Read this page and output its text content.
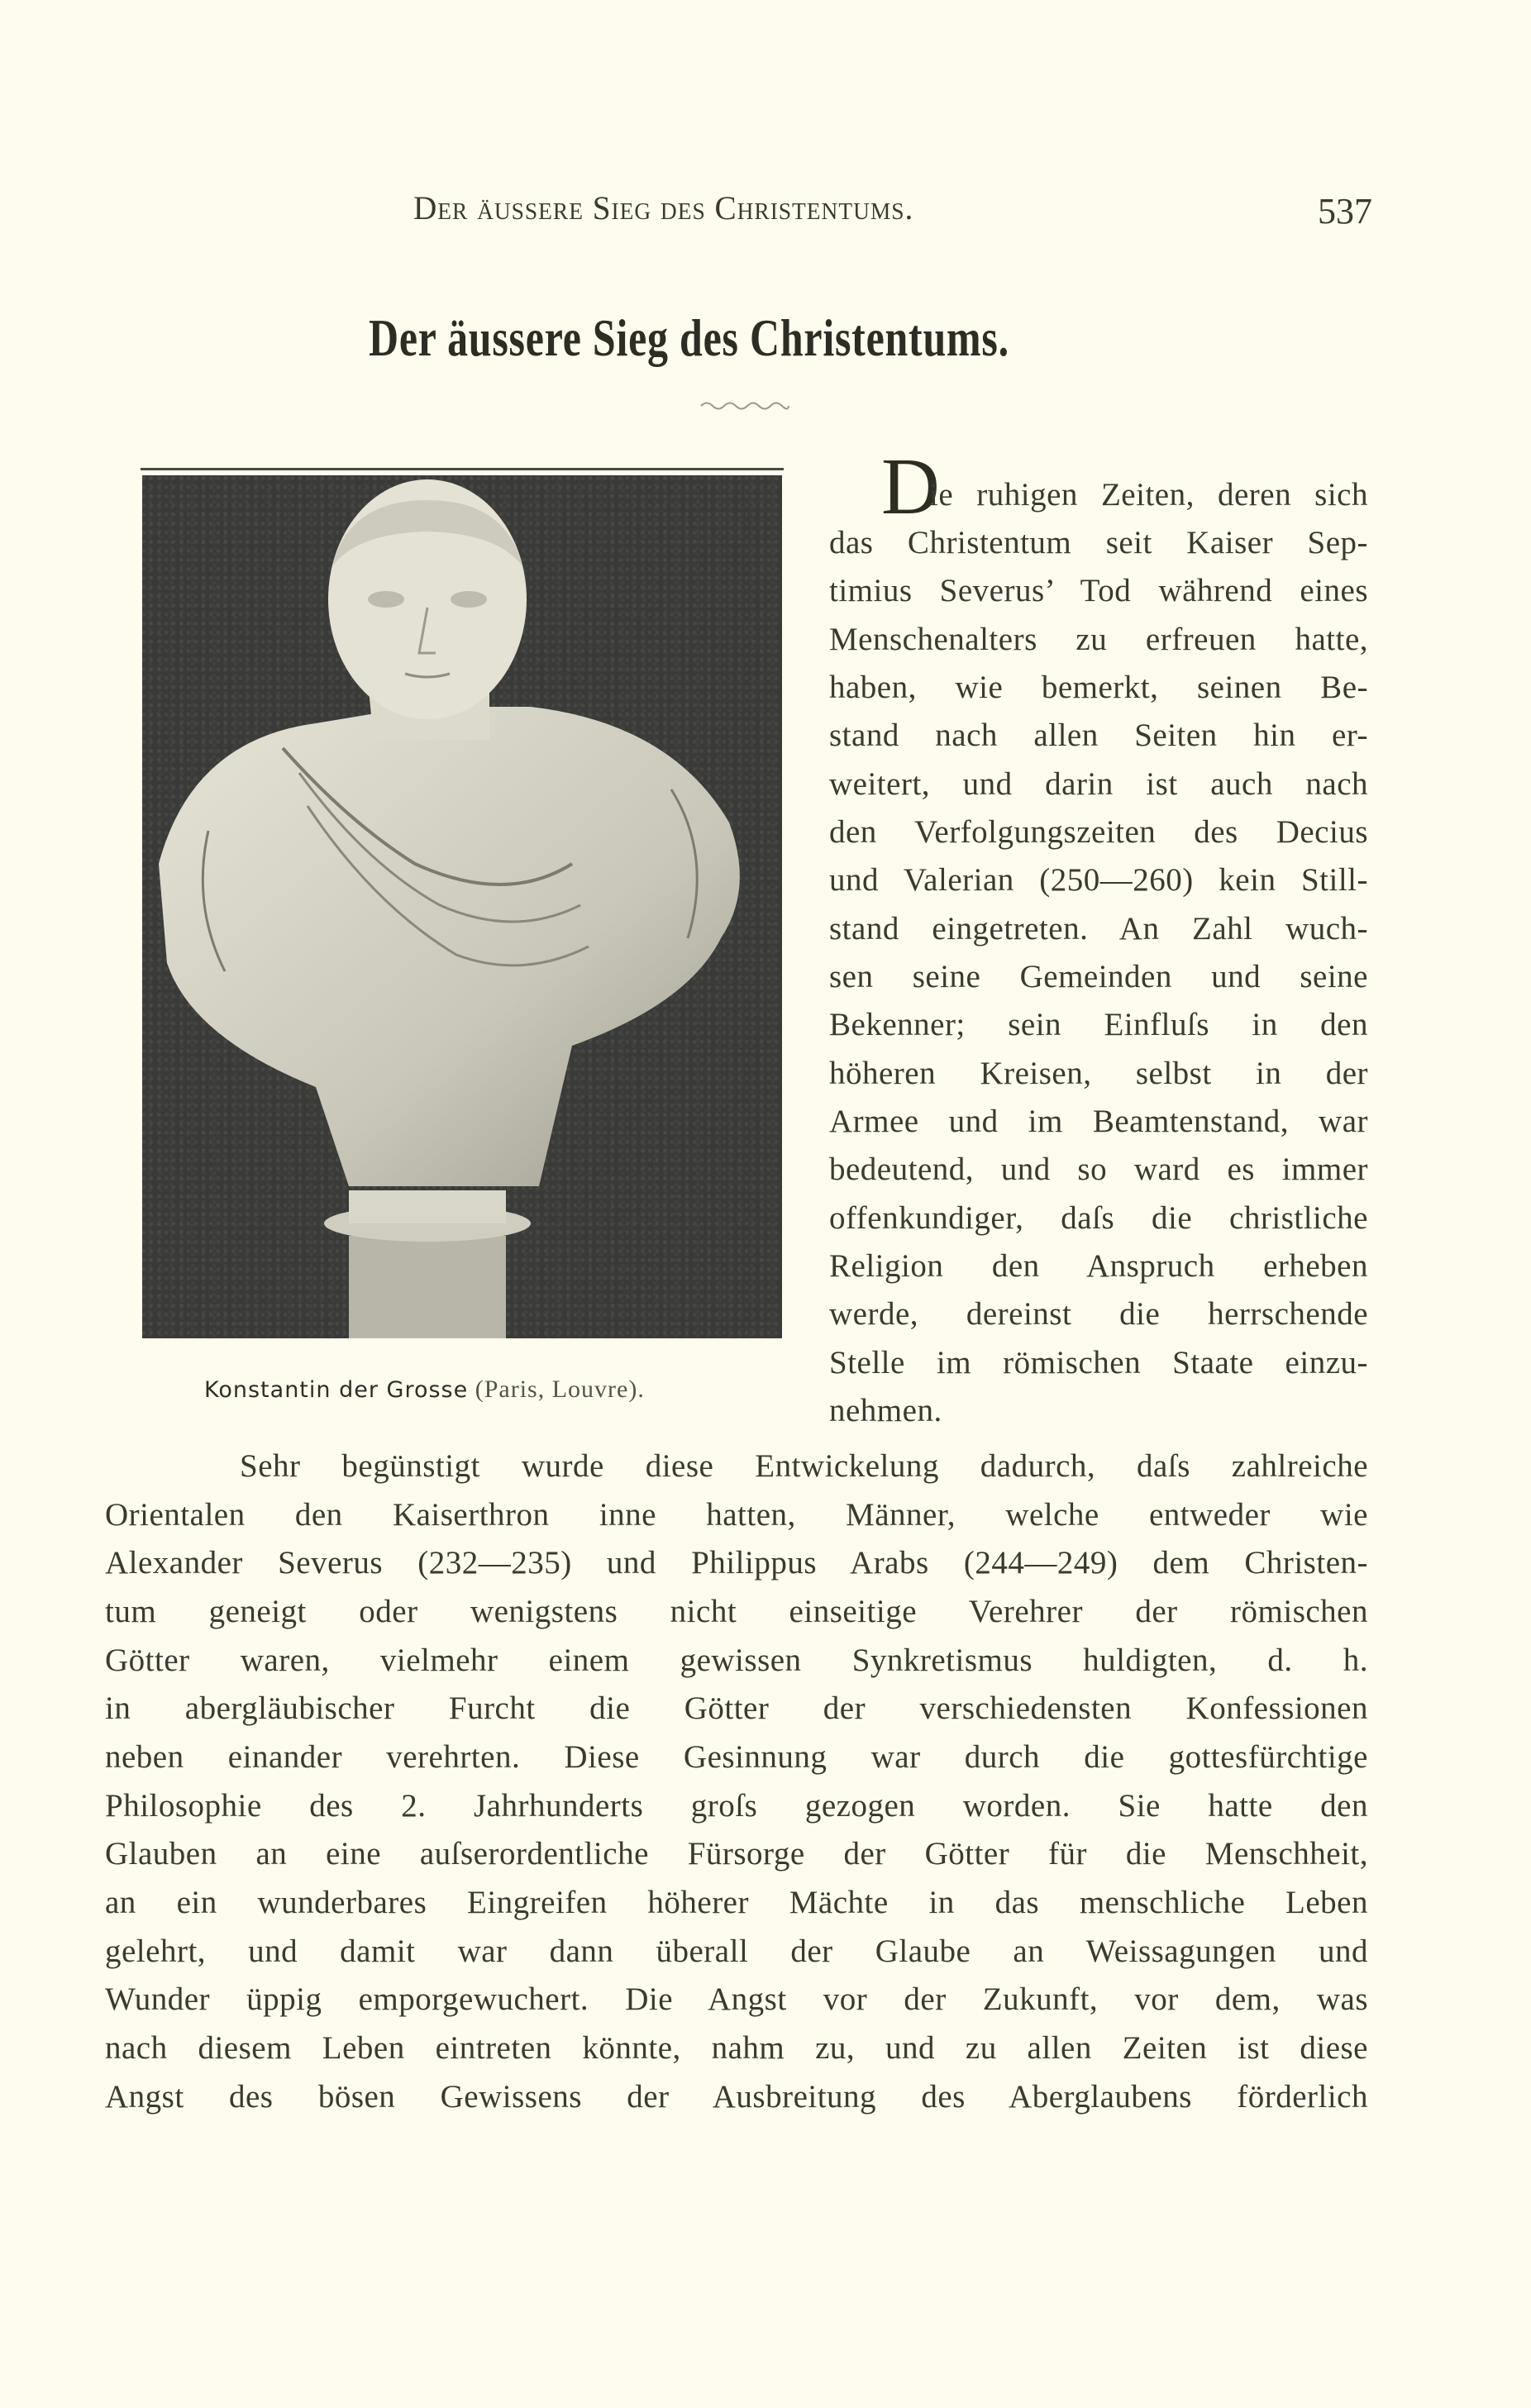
Der äussere Sieg des Christentums.	537
Der äussere Sieg des Christentums.
Konstantin der Grosse (Paris, Louvre).
D
ie ruhigen Zeiten, deren sich
das Christentum seit Kaiser Sep-
timius Severus’ Tod während eines
Menschenalters zu erfreuen hatte,
haben, wie bemerkt, seinen Be-
stand nach allen Seiten hin er-
weitert, und darin ist auch nach
den Verfolgungszeiten des Decius
und Valerian (250—260) kein Still-
stand eingetreten. An Zahl wuch-
sen seine Gemeinden und seine
Bekenner; sein Einfluſs in den
höheren Kreisen, selbst in der
Armee und im Beamtenstand, war
bedeutend, und so ward es immer
offenkundiger, daſs die christliche
Religion den Anspruch erheben
werde, dereinst die herrschende
Stelle im römischen Staate einzu-
nehmen.
Sehr begünstigt wurde diese Entwickelung dadurch, daſs zahlreiche
Orientalen den Kaiserthron inne hatten, Männer, welche entweder wie
Alexander Severus (232—235) und Philippus Arabs (244—249) dem Christen-
tum geneigt oder wenigstens nicht einseitige Verehrer der römischen
Götter waren, vielmehr einem gewissen Synkretismus huldigten, d. h.
in abergläubischer Furcht die Götter der verschiedensten Konfessionen
neben einander verehrten. Diese Gesinnung war durch die gottesfürchtige
Philosophie des 2. Jahrhunderts groſs gezogen worden. Sie hatte den
Glauben an eine auſserordentliche Fürsorge der Götter für die Menschheit,
an ein wunderbares Eingreifen höherer Mächte in das menschliche Leben
gelehrt, und damit war dann überall der Glaube an Weissagungen und
Wunder üppig emporgewuchert. Die Angst vor der Zukunft, vor dem, was
nach diesem Leben eintreten könnte, nahm zu, und zu allen Zeiten ist diese
Angst des bösen Gewissens der Ausbreitung des Aberglaubens förderlich
